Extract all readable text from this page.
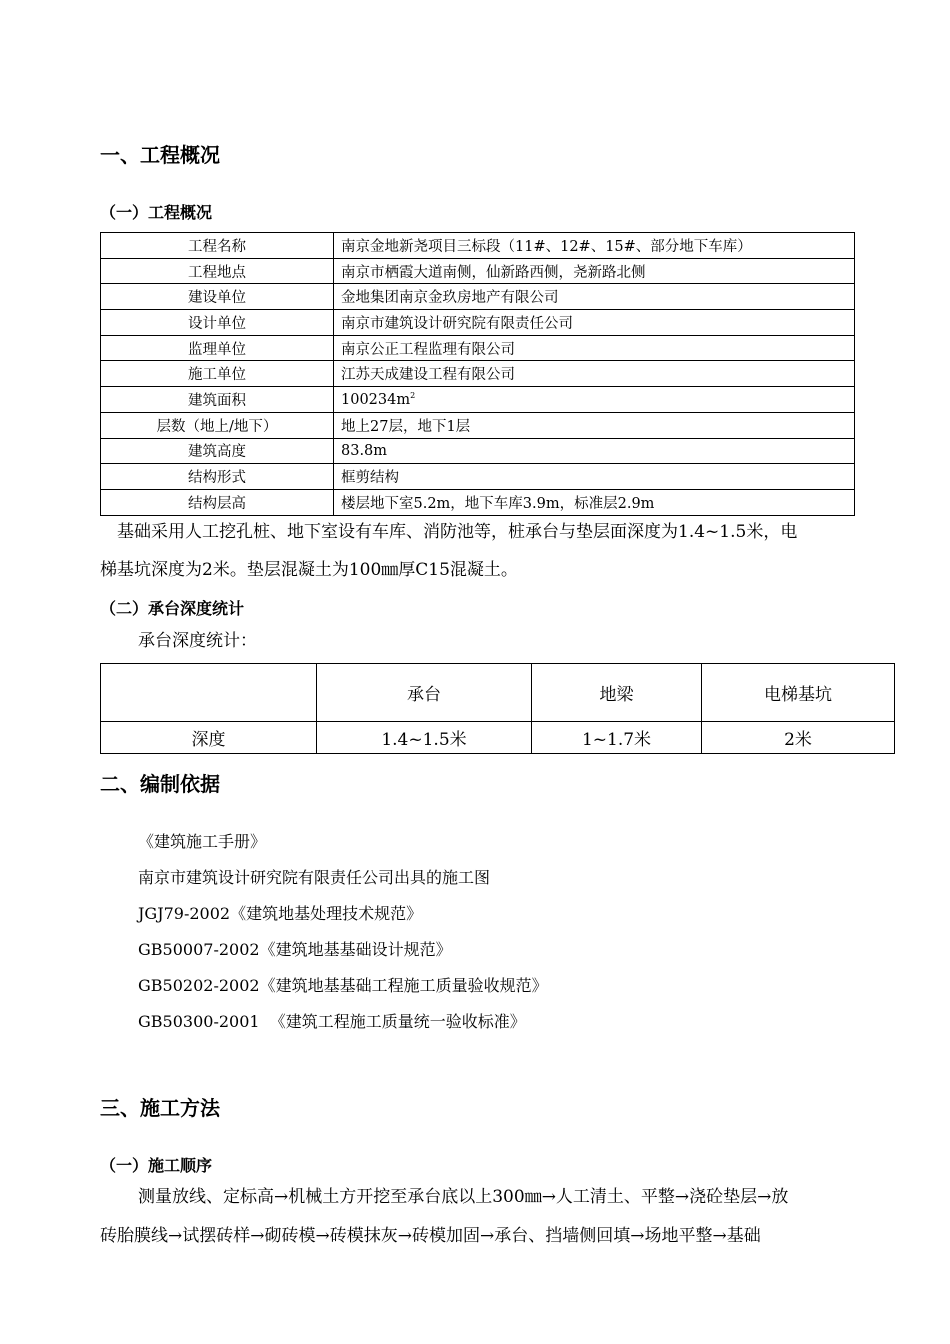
一、工程概况
（一）工程概况
工程名称	南京金地新尧项目三标段（11#、12#、15#、部分地下车库）
工程地点	南京市栖霞大道南侧，仙新路西侧，尧新路北侧
建设单位	金地集团南京金玖房地产有限公司
设计单位	南京市建筑设计研究院有限责任公司
监理单位	南京公正工程监理有限公司
施工单位	江苏天成建设工程有限公司
建筑面积	$100234m^2$
层数（地上/地下）	地上27层，地下1层
建筑高度	83.8m
结构形式	框剪结构
结构层高	楼层地下室5.2m，地下车库3.9m，标准层2.9m
基础采用人工挖孔桩、地下室设有车库、消防池等，桩承台与垫层面深度为1.4~1.5米，电
梯基坑深度为2米。垫层混凝土为100㎜厚C15混凝土。
（二）承台深度统计
承台深度统计：
	承台	地梁	电梯基坑
深度	1.4~1.5米	1~1.7米	2米
二、编制依据
《建筑施工手册》
南京市建筑设计研究院有限责任公司出具的施工图
JGJ79-2002《建筑地基处理技术规范》
GB50007-2002《建筑地基基础设计规范》
GB50202-2002《建筑地基基础工程施工质量验收规范》
GB50300-2001  《建筑工程施工质量统一验收标准》
三、施工方法
（一）施工顺序
测量放线、定标高→机械土方开挖至承台底以上300㎜→人工清土、平整→浇砼垫层→放
砖胎膜线→试摆砖样→砌砖模→砖模抹灰→砖模加固→承台、挡墙侧回填→场地平整→基础
